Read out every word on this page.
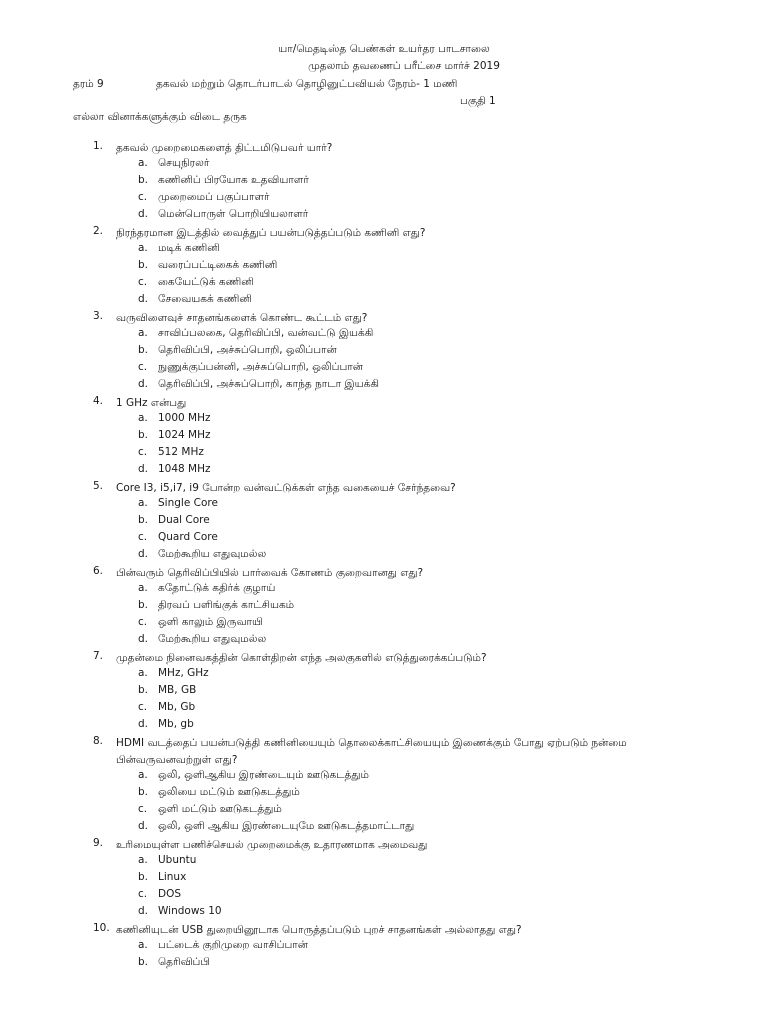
யா/மெதடிஸ்த பெண்கள் உயர்தர பாடசாலை
முதலாம் தவணைப் பரீட்சை மார்ச் 2019
தரம் 9	தகவல் மற்றும் தொடர்பாடல் தொழினுட்பவியல் நேரம்- 1 மணி
பகுதி 1
எல்லா வினாக்களுக்கும் விடை தருக
1.	தகவல் முறைமைகளைத் திட்டமிடுபவர் யார்?
a. செயுநிரலர்
b. கணினிப் பிரயோக உதவியாளர்
c. முறைமைப் பகுப்பாளர்
d. மென்பொருள் பொறியியலாளர்
2.	நிரந்தரமான இடத்தில் வைத்துப் பயன்படுத்தப்படும் கணினி எது?
a. மடிக் கணினி
b. வரைப்பட்டிகைக் கணினி
c. கையேட்டுக் கணினி
d. சேவையகக் கணினி
3.	வருவிளைவுச் சாதனங்களைக் கொண்ட கூட்டம் எது?
a. சாவிப்பலகை, தெரிவிப்பி, வன்வட்டு இயக்கி
b. தெரிவிப்பி, அச்சுப்பொறி, ஒலிப்பான்
c. நுணுக்குப்பன்னி, அச்சுப்பொறி, ஒலிப்பான்
d. தெரிவிப்பி, அச்சுப்பொறி, காந்த நாடா இயக்கி
4.	1 GHz என்பது
a. 1000 MHz
b. 1024 MHz
c. 512 MHz
d. 1048 MHz
5.	Core I3, i5,i7, i9 போன்ற வன்வட்டுக்கள் எந்த வகையைச் சேர்ந்தவை?
a. Single Core
b. Dual Core
c. Quard Core
d. மேற்கூறிய எதுவுமல்ல
6.	பின்வரும் தெரிவிப்பியில் பார்வைக் கோணம் குறைவானது எது?
a. கதோட்டுக் கதிர்க் குழாய்
b. திரவப் பளிங்குக் காட்சியகம்
c. ஒளி காலும் இருவாயி
d. மேற்கூறிய எதுவுமல்ல
7.	முதன்மை நினைவகத்தின் கொள்திறன் எந்த அலகுகளில் எடுத்துரைக்கப்படும்?
a. MHz, GHz
b. MB, GB
c. Mb, Gb
d. Mb, gb
8.	HDMI வடத்தைப் பயன்படுத்தி கணினியையும் தொலைக்காட்சியையும் இணைக்கும் போது ஏற்படும் நன்மை பின்வருவனவற்றுள் எது?
a. ஒலி, ஒளிஆகிய இரண்டையும் ஊடுகடத்தும்
b. ஒலியை மட்டும் ஊடுகடத்தும்
c. ஒளி மட்டும் ஊடுகடத்தும்
d. ஒலி, ஒளி ஆகிய இரண்டையுமே ஊடுகடத்தமாட்டாது
9.	உரிமையுள்ள பணிச்செயல் முறைமைக்கு உதாரணமாக அமைவது
a. Ubuntu
b. Linux
c. DOS
d. Windows 10
10. கணினியுடன் USB துறையினூடாக பொருத்தப்படும் புறச் சாதனங்கள் அல்லாதது எது?
a. பட்டைக் குறிமுறை வாசிப்பான்
b. தெரிவிப்பி
